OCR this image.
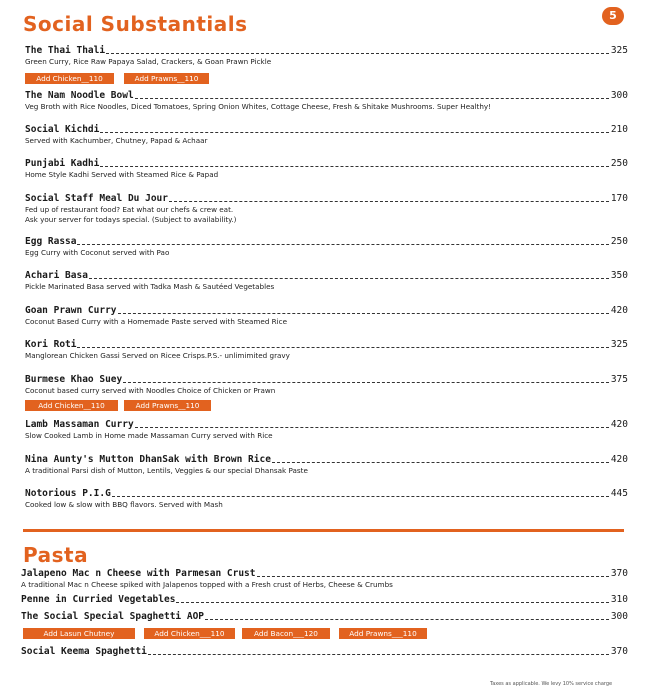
5
Social Substantials
The Thai Thali	325
Green Curry, Rice Raw Papaya Salad, Crackers, & Goan Prawn Pickle
Add Chicken__110	Add Prawns__110
The Nam Noodle Bowl	300
Veg Broth with Rice Noodles, Diced Tomatoes, Spring Onion Whites, Cottage Cheese, Fresh & Shitake Mushrooms. Super Healthy!
Social Kichdi	210
Served with Kachumber, Chutney, Papad & Achaar
Punjabi Kadhi	250
Home Style Kadhi Served with Steamed Rice & Papad
Social Staff Meal Du Jour	170
Fed up of restaurant food? Eat what our chefs & crew eat.
Ask your server for todays special. (Subject to availability.)
Egg Rassa	250
Egg Curry with Coconut served with Pao
Achari Basa	350
Pickle Marinated Basa served with Tadka Mash & Sautéed Vegetables
Goan Prawn Curry	420
Coconut Based Curry with a Homemade Paste served with Steamed Rice
Kori Roti	325
Manglorean Chicken Gassi Served on Ricee Crisps.P.S.- unlimimited gravy
Burmese Khao Suey	375
Coconut based curry served with Noodles Choice of Chicken or Prawn
Add Chicken__110	Add Prawns__110
Lamb Massaman Curry	420
Slow Cooked Lamb in Home made Massaman Curry served with Rice
Nina Aunty's Mutton DhanSak with Brown Rice	420
A traditional Parsi dish of Mutton, Lentils, Veggies & our special Dhansak Paste
Notorious P.I.G	445
Cooked low & slow with BBQ flavors. Served with Mash
Pasta
Jalapeno Mac n Cheese with Parmesan Crust	370
A traditional Mac n Cheese spiked with Jalapenos topped with a Fresh crust of Herbs, Cheese & Crumbs
Penne in Curried Vegetables	310
The Social Special Spaghetti AOP	300
Add Lasun Chutney	Add Chicken___110	Add Bacon___120	Add Prawns___110
Social Keema Spaghetti	370
Taxes as applicable. We levy 10% service charge
